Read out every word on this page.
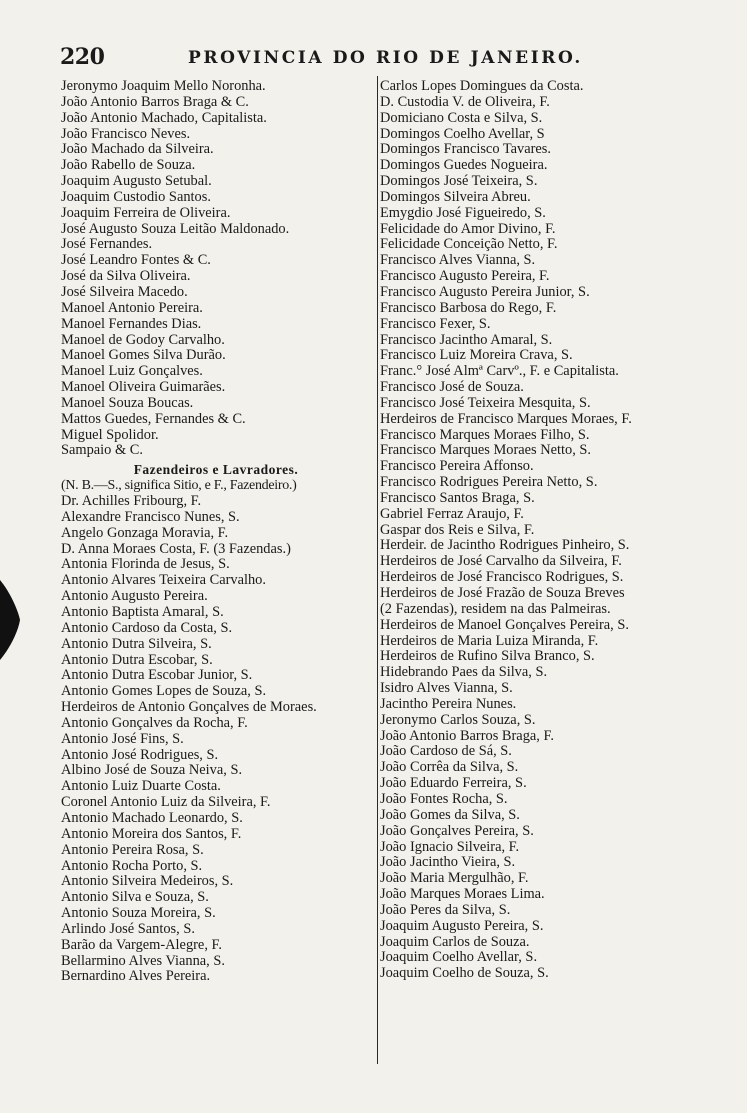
220	PROVINCIA DO RIO DE JANEIRO.
Jeronymo Joaquim Mello Noronha.
João Antonio Barros Braga & C.
João Antonio Machado, Capitalista.
João Francisco Neves.
João Machado da Silveira.
João Rabello de Souza.
Joaquim Augusto Setubal.
Joaquim Custodio Santos.
Joaquim Ferreira de Oliveira.
José Augusto Souza Leitão Maldonado.
José Fernandes.
José Leandro Fontes & C.
José da Silva Oliveira.
José Silveira Macedo.
Manoel Antonio Pereira.
Manoel Fernandes Dias.
Manoel de Godoy Carvalho.
Manoel Gomes Silva Durão.
Manoel Luiz Gonçalves.
Manoel Oliveira Guimarães.
Manoel Souza Boucas.
Mattos Guedes, Fernandes & C.
Miguel Spolidor.
Sampaio & C.
Fazendeiros e Lavradores.
(N. B.—S., significa Sitio, e F., Fazendeiro.)
Dr. Achilles Fribourg, F.
Alexandre Francisco Nunes, S.
Angelo Gonzaga Moravia, F.
D. Anna Moraes Costa, F. (3 Fazendas.)
Antonia Florinda de Jesus, S.
Antonio Alvares Teixeira Carvalho.
Antonio Augusto Pereira.
Antonio Baptista Amaral, S.
Antonio Cardoso da Costa, S.
Antonio Dutra Silveira, S.
Antonio Dutra Escobar, S.
Antonio Dutra Escobar Junior, S.
Antonio Gomes Lopes de Souza, S.
Herdeiros de Antonio Gonçalves de Moraes.
Antonio Gonçalves da Rocha, F.
Antonio José Fins, S.
Antonio José Rodrigues, S.
Albino José de Souza Neiva, S.
Antonio Luiz Duarte Costa.
Coronel Antonio Luiz da Silveira, F.
Antonio Machado Leonardo, S.
Antonio Moreira dos Santos, F.
Antonio Pereira Rosa, S.
Antonio Rocha Porto, S.
Antonio Silveira Medeiros, S.
Antonio Silva e Souza, S.
Antonio Souza Moreira, S.
Arlindo José Santos, S.
Barão da Vargem-Alegre, F.
Bellarmino Alves Vianna, S.
Bernardino Alves Pereira.
Carlos Lopes Domingues da Costa.
D. Custodia V. de Oliveira, F.
Domiciano Costa e Silva, S.
Domingos Coelho Avellar, S
Domingos Francisco Tavares.
Domingos Guedes Nogueira.
Domingos José Teixeira, S.
Domingos Silveira Abreu.
Emygdio José Figueiredo, S.
Felicidade do Amor Divino, F.
Felicidade Conceição Netto, F.
Francisco Alves Vianna, S.
Francisco Augusto Pereira, F.
Francisco Augusto Pereira Junior, S.
Francisco Barbosa do Rego, F.
Francisco Fexer, S.
Francisco Jacintho Amaral, S.
Francisco Luiz Moreira Crava, S.
Franc.° José Almª Carvº., F. e Capitalista.
Francisco José de Souza.
Francisco José Teixeira Mesquita, S.
Herdeiros de Francisco Marques Moraes, F.
Francisco Marques Moraes Filho, S.
Francisco Marques Moraes Netto, S.
Francisco Pereira Affonso.
Francisco Rodrigues Pereira Netto, S.
Francisco Santos Braga, S.
Gabriel Ferraz Araujo, F.
Gaspar dos Reis e Silva, F.
Herdeir. de Jacintho Rodrigues Pinheiro, S.
Herdeiros de José Carvalho da Silveira, F.
Herdeiros de José Francisco Rodrigues, S.
Herdeiros de José Frazão de Souza Breves
(2 Fazendas), residem na das Palmeiras.
Herdeiros de Manoel Gonçalves Pereira, S.
Herdeiros de Maria Luiza Miranda, F.
Herdeiros de Rufino Silva Branco, S.
Hidebrando Paes da Silva, S.
Isidro Alves Vianna, S.
Jacintho Pereira Nunes.
Jeronymo Carlos Souza, S.
João Antonio Barros Braga, F.
João Cardoso de Sá, S.
João Corrêa da Silva, S.
João Eduardo Ferreira, S.
João Fontes Rocha, S.
João Gomes da Silva, S.
João Gonçalves Pereira, S.
João Ignacio Silveira, F.
João Jacintho Vieira, S.
João Maria Mergulhão, F.
João Marques Moraes Lima.
João Peres da Silva, S.
Joaquim Augusto Pereira, S.
Joaquim Carlos de Souza.
Joaquim Coelho Avellar, S.
Joaquim Coelho de Souza, S.
